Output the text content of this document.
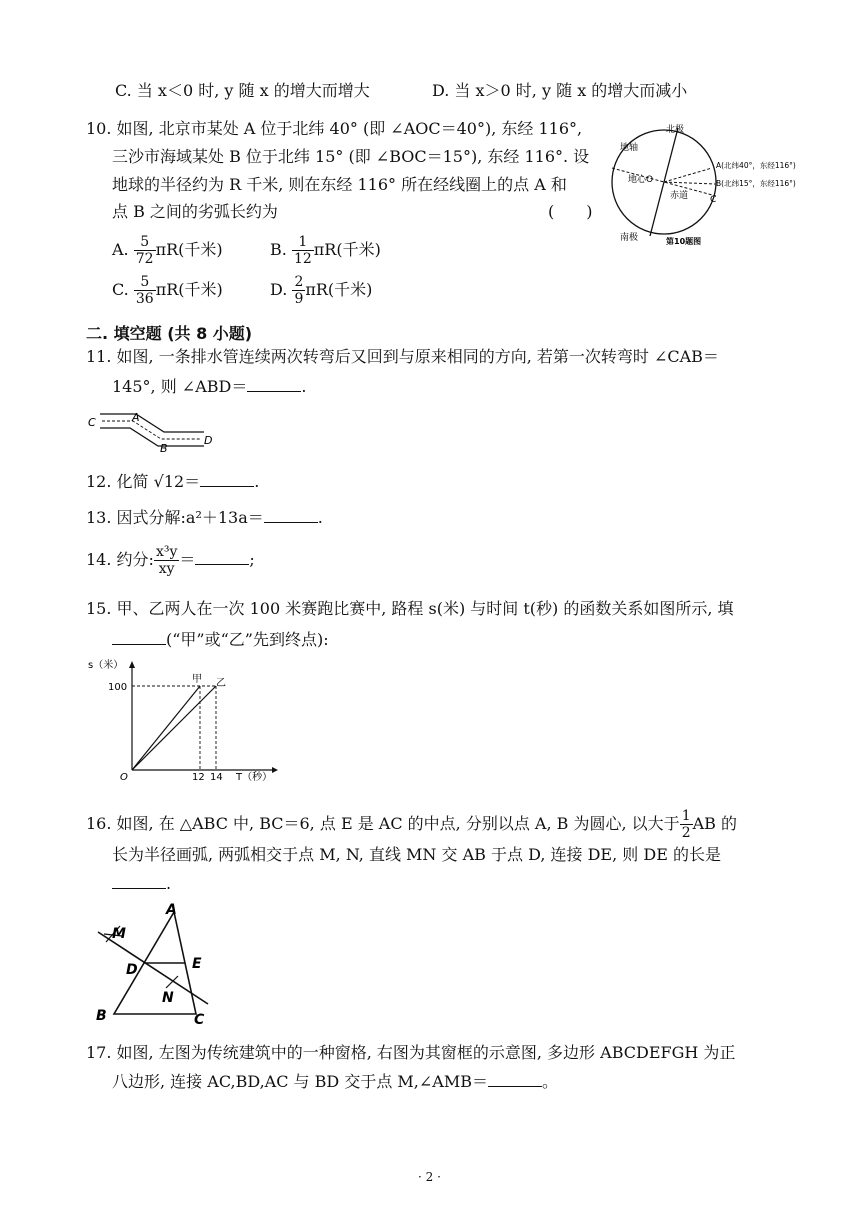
C. 当 x＜0 时, y 随 x 的增大而增大	D. 当 x＞0 时, y 随 x 的增大而减小
10. 如图, 北京市某处 A 位于北纬 40° (即 ∠AOC＝40°), 东经 116°,
三沙市海域某处 B 位于北纬 15° (即 ∠BOC＝15°), 东经 116°. 设
地球的半径约为 R 千米, 则在东经 116° 所在经线圈上的点 A 和
点 B 之间的劣弧长约为	(　　)
A. $\frac{5}{72} \pi R$(千米)	B. $\frac{1}{12} \pi R$(千米)
C. $\frac{5}{36} \pi R$(千米)	D. $\frac{2}{9} \pi R$(千米)
北极
地轴
地心O
赤道
南极
A(北纬40°，东经116°)
B(北纬15°，东经116°)
C
第10题图
二. 填空题 (共 8 小题)
11. 如图, 一条排水管连续两次转弯后又回到与原来相同的方向, 若第一次转弯时 ∠CAB＝
145°, 则 ∠ABD＝	.
C	A
B
D
12. 化简 √12＝	.
13. 因式分解:a²＋13a＝	.
14. 约分: $\frac{\text{x³y}}{xy}$ ＝	;
15. 甲、乙两人在一次 100 米赛跑比赛中, 路程 s(米) 与时间 t(秒) 的函数关系如图所示, 填
(“甲”或“乙”先到终点):
s（米）
100
O	12 14 T（秒）
甲 乙
16. 如图, 在 △ABC 中, BC＝6, 点 E 是 AC 的中点, 分别以点 A, B 为圆心, 以大于 $\frac{1}{2}$ AB 的
长为半径画弧, 两弧相交于点 M, N, 直线 MN 交 AB 于点 D, 连接 DE, 则 DE 的长是
.
A
B	C
D	E
M
N
17. 如图, 左图为传统建筑中的一种窗格, 右图为其窗框的示意图, 多边形 ABCDEFGH 为正
八边形, 连接 AC,BD,AC 与 BD 交于点 M,∠AMB＝	。
· 2 ·
